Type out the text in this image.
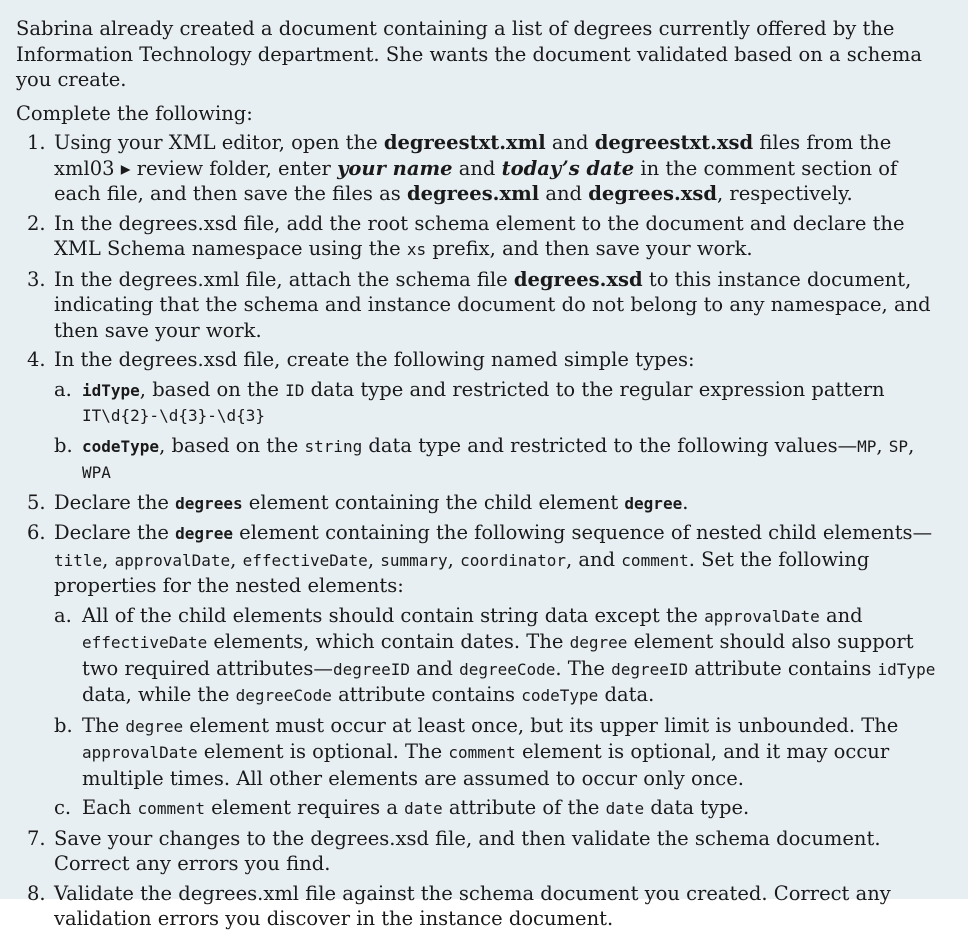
Sabrina already created a document containing a list of degrees currently offered by the Information Technology department. She wants the document validated based on a schema you create.

Complete the following:

1. Using your XML editor, open the degreestxt.xml and degreestxt.xsd files from the xml03 ▸ review folder, enter your name and today’s date in the comment section of each file, and then save the files as degrees.xml and degrees.xsd, respectively.
2. In the degrees.xsd file, add the root schema element to the document and declare the XML Schema namespace using the xs prefix, and then save your work.
3. In the degrees.xml file, attach the schema file degrees.xsd to this instance document, indicating that the schema and instance document do not belong to any namespace, and then save your work.
4. In the degrees.xsd file, create the following named simple types:
a. idType, based on the ID data type and restricted to the regular expression pattern
IT\d{2}-\d{3}-\d{3}
b. codeType, based on the string data type and restricted to the following values—MP, SP, WPA
5. Declare the degrees element containing the child element degree.
6. Declare the degree element containing the following sequence of nested child elements—title, approvalDate, effectiveDate, summary, coordinator, and comment. Set the following properties for the nested elements:
a. All of the child elements should contain string data except the approvalDate and effectiveDate elements, which contain dates. The degree element should also support two required attributes—degreeID and degreeCode. The degreeID attribute contains idType data, while the degreeCode attribute contains codeType data.
b. The degree element must occur at least once, but its upper limit is unbounded. The approvalDate element is optional. The comment element is optional, and it may occur multiple times. All other elements are assumed to occur only once.
c. Each comment element requires a date attribute of the date data type.
7. Save your changes to the degrees.xsd file, and then validate the schema document. Correct any errors you find.
8. Validate the degrees.xml file against the schema document you created. Correct any validation errors you discover in the instance document.
